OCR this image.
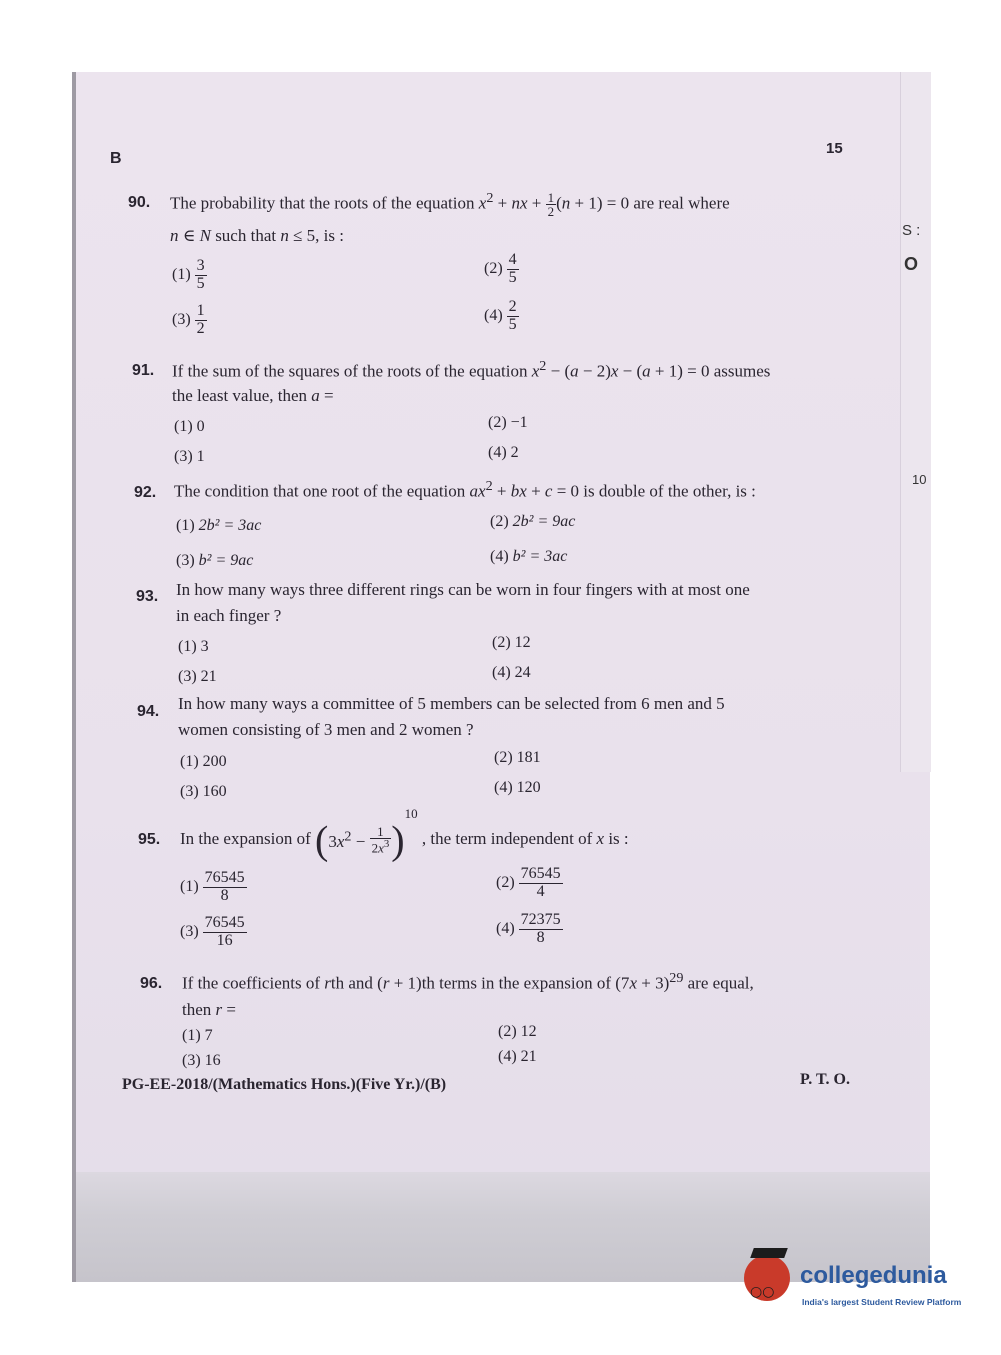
S :
O
10
B
15
90. The probability that the roots of the equation $x^2$ + nx + $\frac{1}{2} (n + 1) = 0$ are real where
n ∈ N such that n ≤ 5, is :
$(1) \frac{3}{5}$	$(2) \frac{4}{5}$
$(3) \frac{1}{2}$	$(4) \frac{2}{5}$
91. If the sum of the squares of the roots of the equation $x^2 - (a - 2)x - (a + 1) = 0$ assumes
the least value, then a =
(1) 0	(2) −1
(3) 1	(4) 2
92. The condition that one root of the equation $ax^2$ + bx + c = 0 is double of the other, is :
(1) 2b² = 3ac	(2) 2b² = 9ac
(3) b² = 9ac	(4) b² = 3ac
93. In how many ways three different rings can be worn in four fingers with at most one
in each finger ?
(1) 3	(2) 12
(3) 21	(4) 24
94. In how many ways a committee of 5 members can be selected from 6 men and 5
women consisting of 3 men and 2 women ?
(1) 200	(2) 181
(3) 160	(4) 120
95. In the expansion of $(3x^2 - \frac{1}{2x^3} )^{10}$ , the term independent of x is :
$(1) \frac{76545}{8}$	$(2) \frac{76545}{4}$
$(3) \frac{76545}{16}$	$(4) \frac{72375}{8}$
96. If the coefficients of rth and (r + 1)th terms in the expansion of $(7x + 3)^{29}$ are equal,
then r =
(1) 7	(2) 12
(3) 16	(4) 21
PG-EE-2018/(Mathematics Hons.)(Five Yr.)/(B)	P. T. O.
○○
collegedunia
India's largest Student Review Platform
